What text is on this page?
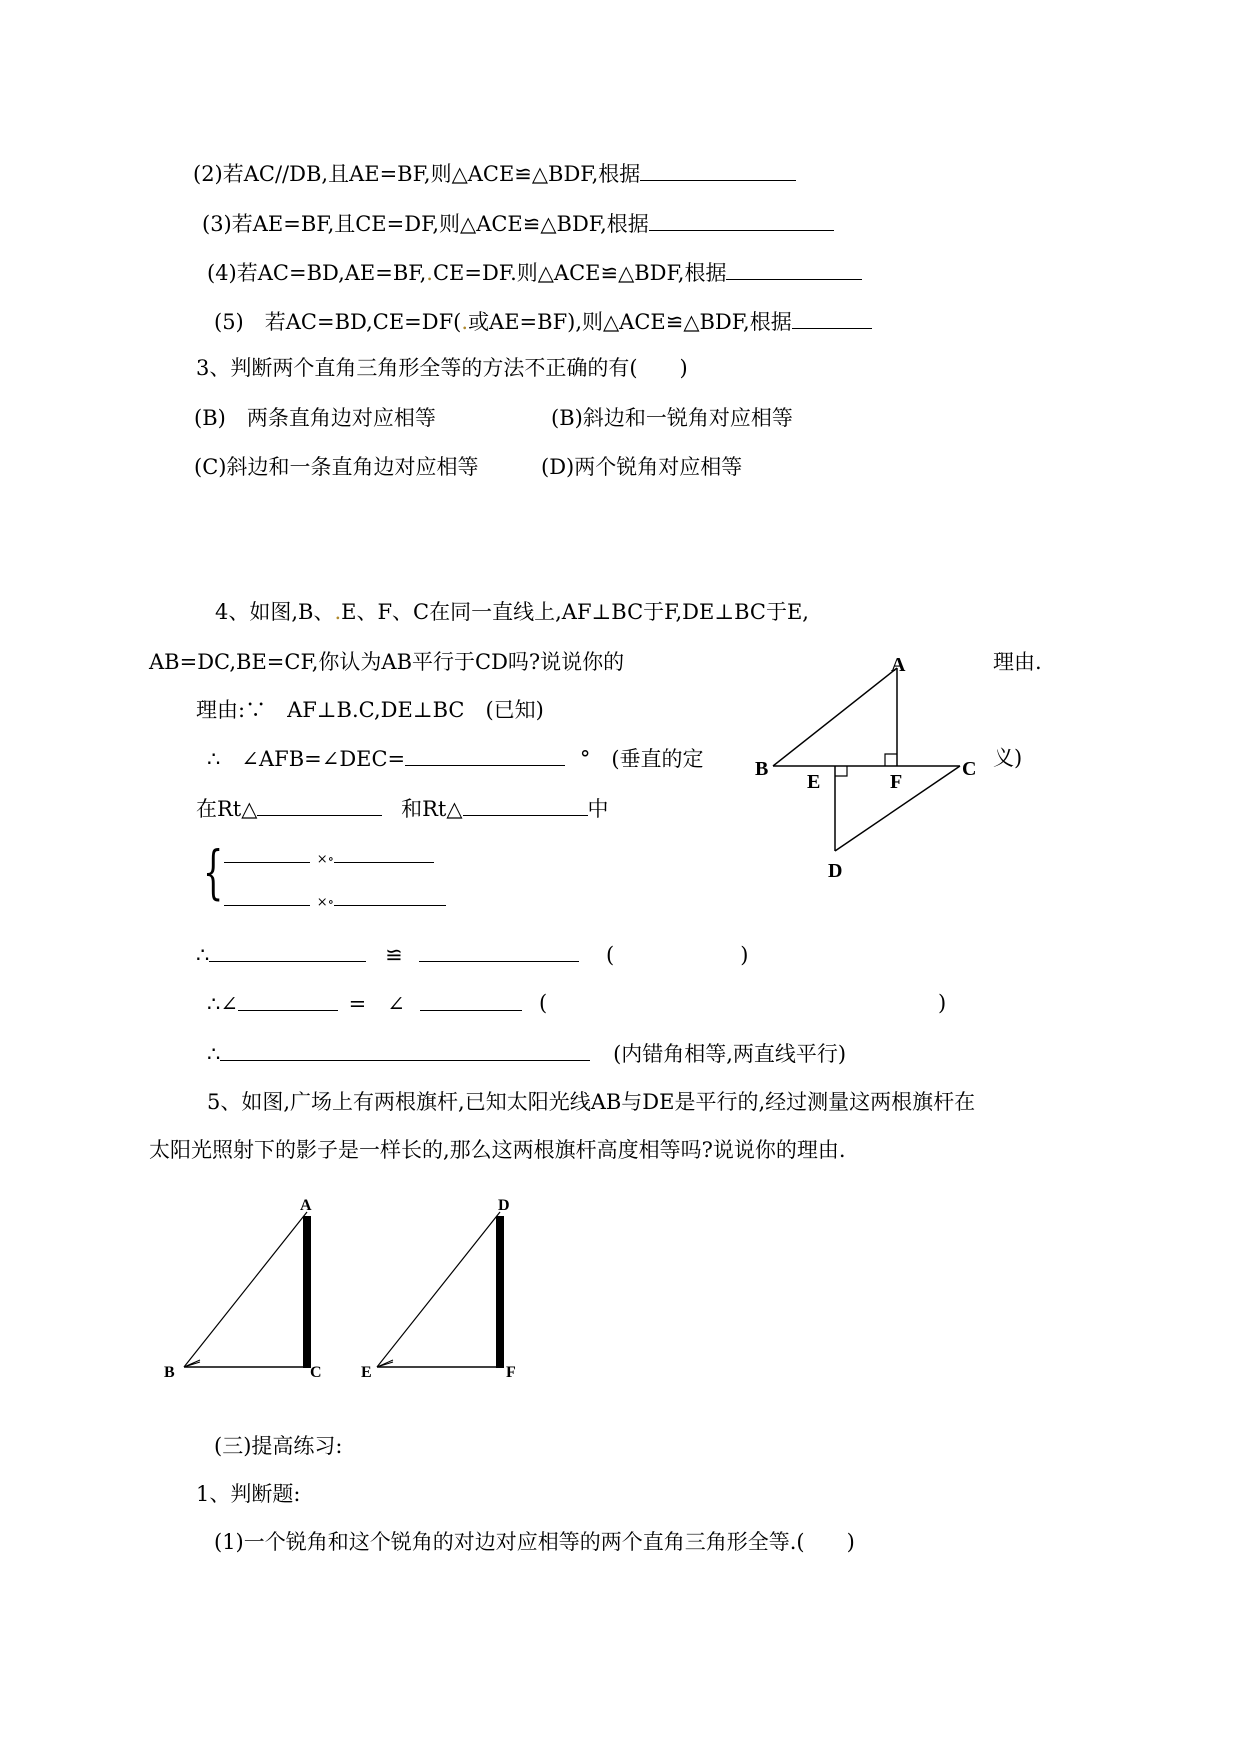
(2)若AC//DB,且AE=BF,则△ACE≌△BDF,根据
(3)若AE=BF,且CE=DF,则△ACE≌△BDF,根据
(4)若AC=BD,AE=BF,.CE=DF.则△ACE≌△BDF,根据
(5)　若AC=BD,CE=DF(.或AE=BF),则△ACE≌△BDF,根据
3、判断两个直角三角形全等的方法不正确的有(　　)
(B)　两条直角边对应相等	(B)斜边和一锐角对应相等
(C)斜边和一条直角边对应相等	(D)两个锐角对应相等
4、如图,B、.E、F、C在同一直线上,AF⊥BC于F,DE⊥BC于E,
AB=DC,BE=CF,你认为AB平行于CD吗?说说你的	理由.
理由:∵　AF⊥B.C,DE⊥BC　(已知)
∴　∠AFB=∠DEC=	°　(垂直的定	义)
在Rt△	和Rt△	中
{	×∘
×∘
∴	≌	(　　　　　　)
∴∠	=　∠	(	)
∴	(内错角相等,两直线平行)
A
B	C
D
E	F
5、如图,广场上有两根旗杆,已知太阳光线AB与DE是平行的,经过测量这两根旗杆在
太阳光照射下的影子是一样长的,那么这两根旗杆高度相等吗?说说你的理由.
A
B	C
D
E	F
(三)提高练习:
1、判断题:
(1)一个锐角和这个锐角的对边对应相等的两个直角三角形全等.(　　)
